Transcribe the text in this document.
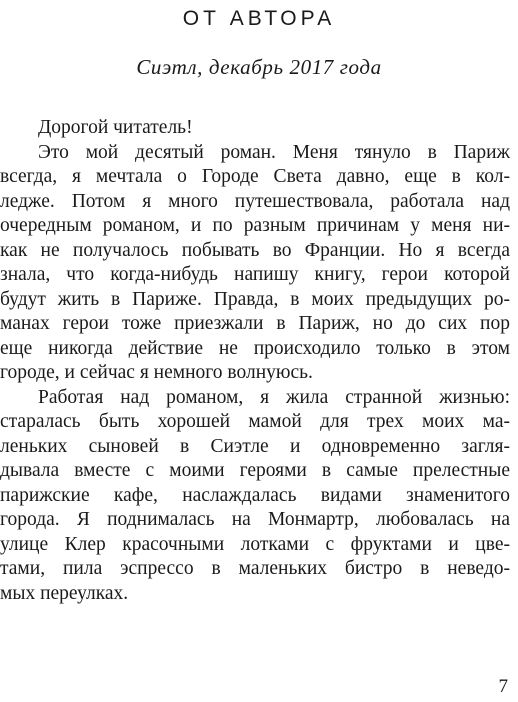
ОТ АВТОРА
Сиэтл, декабрь 2017 года
Дорогой читатель!
Это мой десятый роман. Меня тянуло в Париж
всегда, я мечтала о Городе Света давно, еще в кол-
ледже. Потом я много путешествовала, работала над
очередным романом, и по разным причинам у меня ни-
как не получалось побывать во Франции. Но я всегда
знала, что когда-нибудь напишу книгу, герои которой
будут жить в Париже. Правда, в моих предыдущих ро-
манах герои тоже приезжали в Париж, но до сих пор
еще никогда действие не происходило только в этом
городе, и сейчас я немного волнуюсь.
Работая над романом, я жила странной жизнью:
старалась быть хорошей мамой для трех моих ма-
леньких сыновей в Сиэтле и одновременно загля-
дывала вместе с моими героями в самые прелестные
парижские кафе, наслаждалась видами знаменитого
города. Я поднималась на Монмартр, любовалась на
улице Клер красочными лотками с фруктами и цве-
тами, пила эспрессо в маленьких бистро в неведо-
мых переулках.
7
